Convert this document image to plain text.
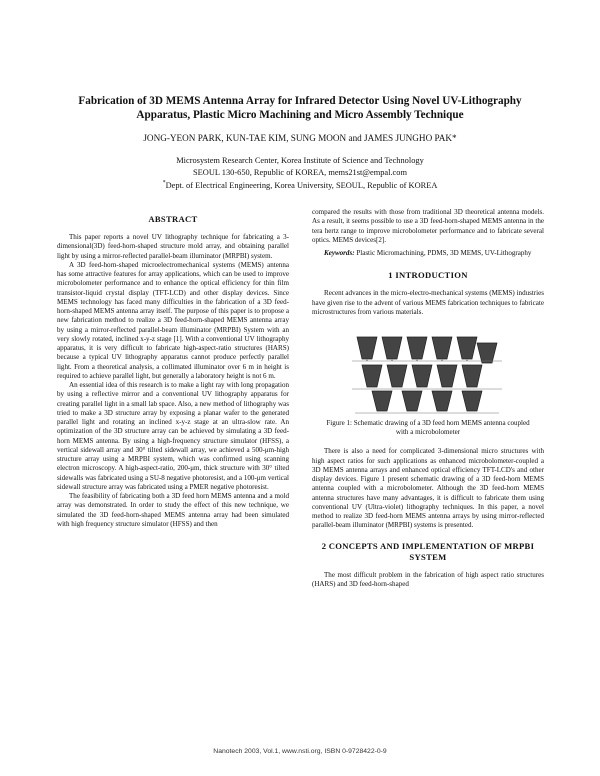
Fabrication of 3D MEMS Antenna Array for Infrared Detector Using Novel UV-Lithography Apparatus, Plastic Micro Machining and Micro Assembly Technique
JONG-YEON PARK, KUN-TAE KIM, SUNG MOON and JAMES JUNGHO PAK*
Microsystem Research Center, Korea Institute of Science and Technology
SEOUL 130-650, Republic of KOREA, mems21st@empal.com
*Dept. of Electrical Engineering, Korea University, SEOUL, Republic of KOREA
ABSTRACT

This paper reports a novel UV lithography technique for fabricating a 3-dimensional(3D) feed-horn-shaped structure mold array, and obtaining parallel light by using a mirror-reflected parallel-beam illuminator (MRPBI) system.

A 3D feed-horn-shaped microelectromechanical systems (MEMS) antenna has some attractive features for array applications, which can be used to improve microbolometer performance and to enhance the optical efficiency for thin film transistor-liquid crystal display (TFT-LCD) and other display devices. Since MEMS technology has faced many difficulties in the fabrication of a 3D feed-horn-shaped MEMS antenna array itself. The purpose of this paper is to propose a new fabrication method to realize a 3D feed-horn-shaped MEMS antenna array by using a mirror-reflected parallel-beam illuminator (MRPBI) System with an very slowly rotated, inclined x-y-z stage [1]. With a conventional UV lithography apparatus, it is very difficult to fabricate high-aspect-ratio structures (HARS) because a typical UV lithography apparatus cannot produce perfectly parallel light. From a theoretical analysis, a collimated illuminator over 6 m in height is required to achieve parallel light, but generally a laboratory height is not 6 m.

An essential idea of this research is to make a light ray with long propagation by using a reflective mirror and a conventional UV lithography apparatus for creating parallel light in a small lab space. Also, a new method of lithography was tried to make a 3D structure array by exposing a planar wafer to the generated parallel light and rotating an inclined x-y-z stage at an ultra-slow rate. An optimization of the 3D structure array can be achieved by simulating a 3D feed-horn MEMS antenna. By using a high-frequency structure simulator (HFSS), a vertical sidewall array and 30° tilted sidewall array, we achieved a 500-μm-high structure array using a MRPBI system, which was confirmed using scanning electron microscopy. A high-aspect-ratio, 200-μm, thick structure with 30° tilted sidewalls was fabricated using a SU-8 negative photoresist, and a 100-μm vertical sidewall structure array was fabricated using a PMER negative photoresist.

The feasibility of fabricating both a 3D feed horn MEMS antenna and a mold array was demonstrated. In order to study the effect of this new technique, we simulated the 3D feed-horn-shaped MEMS antenna array had been simulated with high frequency structure simulator (HFSS) and then

compared the results with those from traditional 3D theoretical antenna models. As a result, it seems possible to use a 3D feed-horn-shaped MEMS antenna in the tera hertz range to improve microbolometer performance and to fabricate several optics. MEMS devices[2].

Keywords: Plastic Micromachining, PDMS, 3D MEMS, UV-Lithography

1 INTRODUCTION

Recent advances in the micro-electro-mechanical systems (MEMS) industries have given rise to the advent of various MEMS fabrication techniques to fabricate microstructures from various materials.

Figure 1: Schematic drawing of a 3D feed horn MEMS antenna coupled with a microbolometer

There is also a need for complicated 3-dimensional micro structures with high aspect ratios for such applications as enhanced microbolometer-coupled a 3D MEMS antenna arrays and enhanced optical efficiency TFT-LCD's and other display devices. Figure 1 present schematic drawing of a 3D feed-horn MEMS antenna coupled with a microbolometer. Although the 3D feed-horn MEMS antenna structures have many advantages, it is difficult to fabricate them using conventional UV (Ultra-violet) lithography techniques. In this paper, a novel method to realize 3D feed-horn MEMS antenna arrays by using mirror-reflected parallel-beam illuminator (MRPBI) systems is presented.

2 CONCEPTS AND IMPLEMENTATION OF MRPBI SYSTEM

The most difficult problem in the fabrication of high aspect ratio structures (HARS) and 3D feed-horn-shaped

Nanotech 2003, Vol.1, www.nsti.org, ISBN 0-9728422-0-9
